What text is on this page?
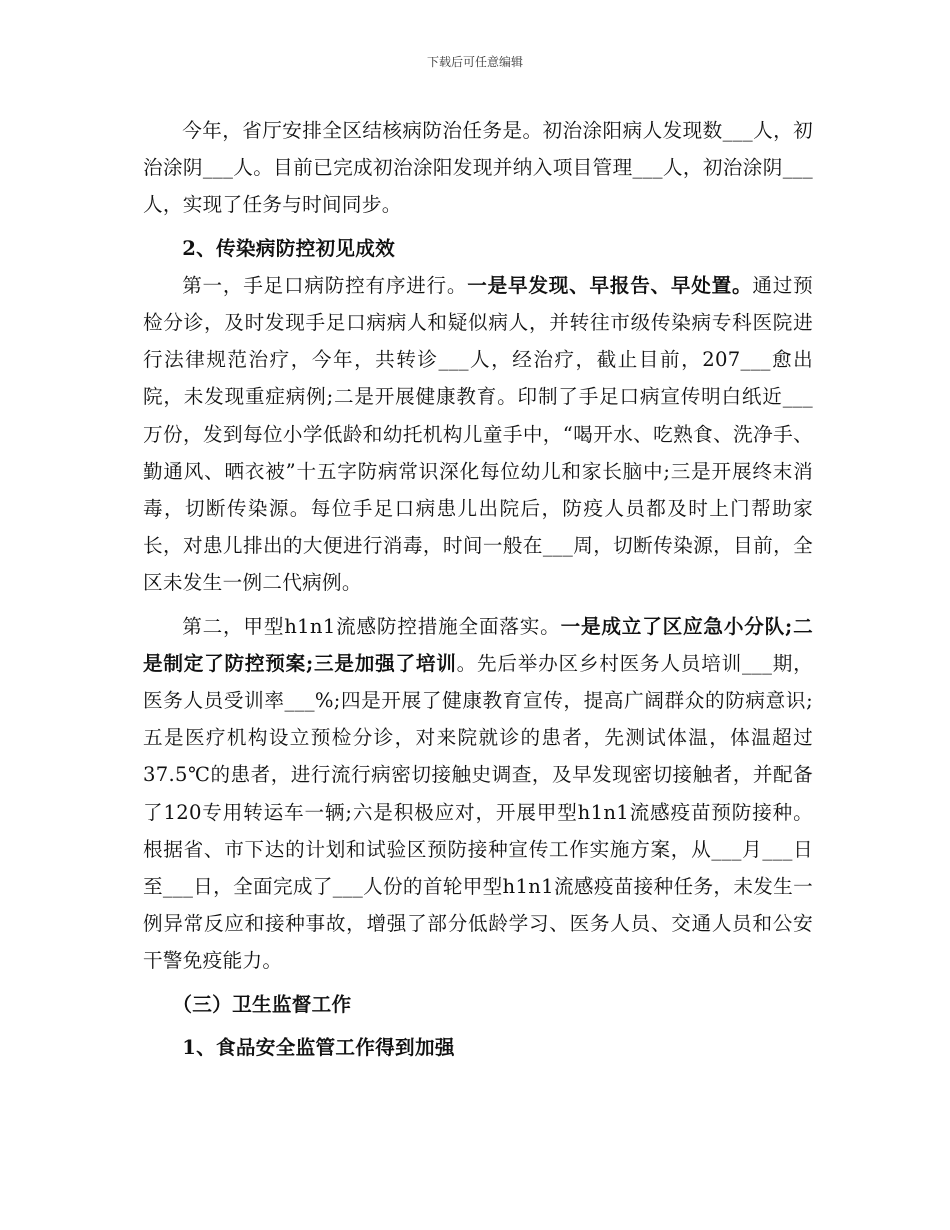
下载后可任意编辑

今年，省厅安排全区结核病防治任务是。初治涂阳病人发现数___人，初治涂阴___人。目前已完成初治涂阳发现并纳入项目管理___人，初治涂阴___人，实现了任务与时间同步。

2、传染病防控初见成效

第一，手足口病防控有序进行。一是早发现、早报告、早处置。通过预检分诊，及时发现手足口病病人和疑似病人，并转往市级传染病专科医院进行法律规范治疗，今年，共转诊___人，经治疗，截止目前，207___愈出院，未发现重症病例;二是开展健康教育。印制了手足口病宣传明白纸近___万份，发到每位小学低龄和幼托机构儿童手中，“喝开水、吃熟食、洗净手、勤通风、晒衣被”十五字防病常识深化每位幼儿和家长脑中;三是开展终末消毒，切断传染源。每位手足口病患儿出院后，防疫人员都及时上门帮助家长，对患儿排出的大便进行消毒，时间一般在___周，切断传染源，目前，全区未发生一例二代病例。

第二，甲型h1n1流感防控措施全面落实。一是成立了区应急小分队;二是制定了防控预案;三是加强了培训。先后举办区乡村医务人员培训___期，医务人员受训率___%;四是开展了健康教育宣传，提高广阔群众的防病意识;五是医疗机构设立预检分诊，对来院就诊的患者，先测试体温，体温超过37.5℃的患者，进行流行病密切接触史调查，及早发现密切接触者，并配备了120专用转运车一辆;六是积极应对，开展甲型h1n1流感疫苗预防接种。根据省、市下达的计划和试验区预防接种宣传工作实施方案，从___月___日至___日，全面完成了___人份的首轮甲型h1n1流感疫苗接种任务，未发生一例异常反应和接种事故，增强了部分低龄学习、医务人员、交通人员和公安干警免疫能力。

（三）卫生监督工作

1、食品安全监管工作得到加强
